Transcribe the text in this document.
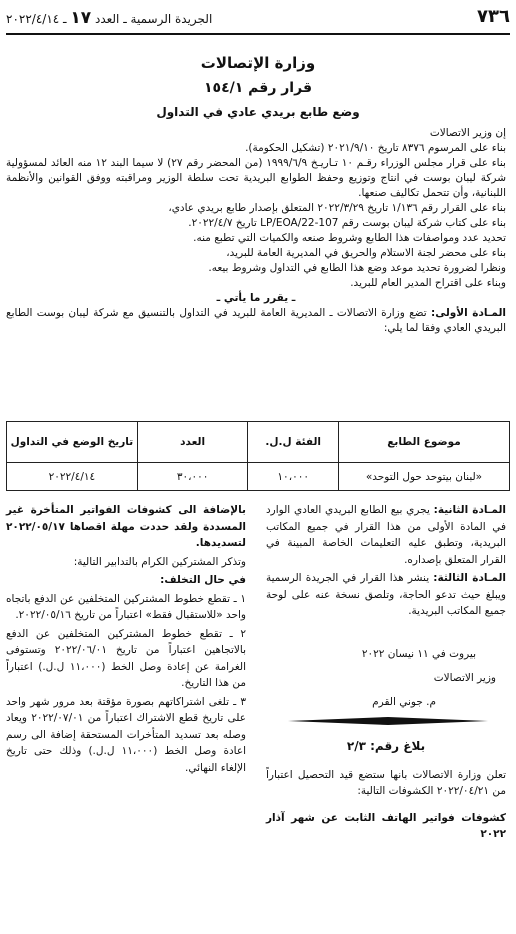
٧٣٦
الجريدة الرسمية ـ العدد ١٧ ـ ٢٠٢٢/٤/١٤
وزارة الإتصالات
قرار رقم ١٥٤/١
وضع طابع بريدي عادي في التداول

إن وزير الاتصالات

بناء على المرسوم ٨٣٧٦ تاريخ ٢٠٢١/٩/١٠ (تشكيل الحكومة).

بناء على قرار مجلس الوزراء رقـم ١٠ تـاريـخ ١٩٩٩/٦/٩ (من المحضر رقم ٢٧) لا سيما البند ١٢ منه العائد لمسؤولية شركة ليبان بوست في انتاج وتوزيع وحفظ الطوابع البريدية تحت سلطة الوزير ومراقبته ووفق القوانين والأنظمة اللبنانية، وأن تتحمل تكاليف صنعها.

بناء على القرار رقم ١/١٣٦ تاريخ ٢٠٢٢/٣/٢٩ المتعلق بإصدار طابع بريدي عادي،

بناء على كتاب شركة ليبان بوست رقم 107-LP/EOA/22 تاريخ ٢٠٢٢/٤/٧.

تحديد عدد ومواصفات هذا الطابع وشروط صنعه والكميات التي تطبع منه.

بناء على محضر لجنة الاستلام والحريق في المديرية العامة للبريد،

ونظرا لضرورة تحديد موعد وضع هذا الطابع في التداول وشروط بيعه.

وبناء على اقتراح المدير العام للبريد.

ـ يقرر ما يأتي ـ

المـادة الأولى: تضع وزارة الاتصالات ـ المديرية العامة للبريد في التداول بالتنسيق مع شركة ليبان بوست الطابع البريدي العادي وفقا لما يلي:

موضوع الطابع	الفئة ل.ل.	العدد	تاريخ الوضع في التداول
«لبنان بيتوحد حول التوحد»	١٠،٠٠٠	٣٠،٠٠٠	٢٠٢٢/٤/١٤

المـادة الثانية: يجري بيع الطابع البريدي العادي الوارد في المادة الأولى من هذا القرار في جميع المكاتب البريدية، وتطبق عليه التعليمات الخاصة المبينة في القرار المتعلق بإصداره.

المـادة الثالثة: ينشر هذا القرار في الجريدة الرسمية ويبلغ حيث تدعو الحاجة، وتلصق نسخة عنه على لوحة جميع المكاتب البريدية.

بيروت في ١١ نيسان ٢٠٢٢
وزير الاتصالات
م. جوني القرم

بلاغ رقم: ٢/٣

تعلن وزارة الاتصالات بانها ستضع قيد التحصيل اعتباراً من ٢٠٢٢/٠٤/٢١ الكشوفات التالية:

كشوفات فواتير الهاتف الثابت عن شهر آذار ٢٠٢٢

بالإضافة الى كشوفات الفواتير المتأخرة غير المسددة ولقد حددت مهلة اقصاها ٢٠٢٢/٠٥/١٧ لتسديدها.

وتذكر المشتركين الكرام بالتدابير التالية:

في حال التخلف:

١ ـ تقطع خطوط المشتركين المتخلفين عن الدفع باتجاه واحد «للاستقبال فقط» اعتباراً من تاريخ ٢٠٢٢/٠٥/١٦.

٢ ـ تقطع خطوط المشتركين المتخلفين عن الدفع بالاتجاهين اعتباراً من تاريخ ٢٠٢٢/٠٦/٠١ وتستوفى الغرامة عن إعادة وصل الخط (١١،٠٠٠ ل.ل.) اعتباراً من هذا التاريخ.

٣ ـ تلغى اشتراكاتهم بصورة مؤقتة بعد مرور شهر واحد على تاريخ قطع الاشتراك اعتباراً من ٢٠٢٢/٠٧/٠١ ويعاد وصله بعد تسديد المتأخرات المستحقة إضافة الى رسم اعادة وصل الخط (١١،٠٠٠ ل.ل.) وذلك حتى تاريخ الإلغاء النهائي.
